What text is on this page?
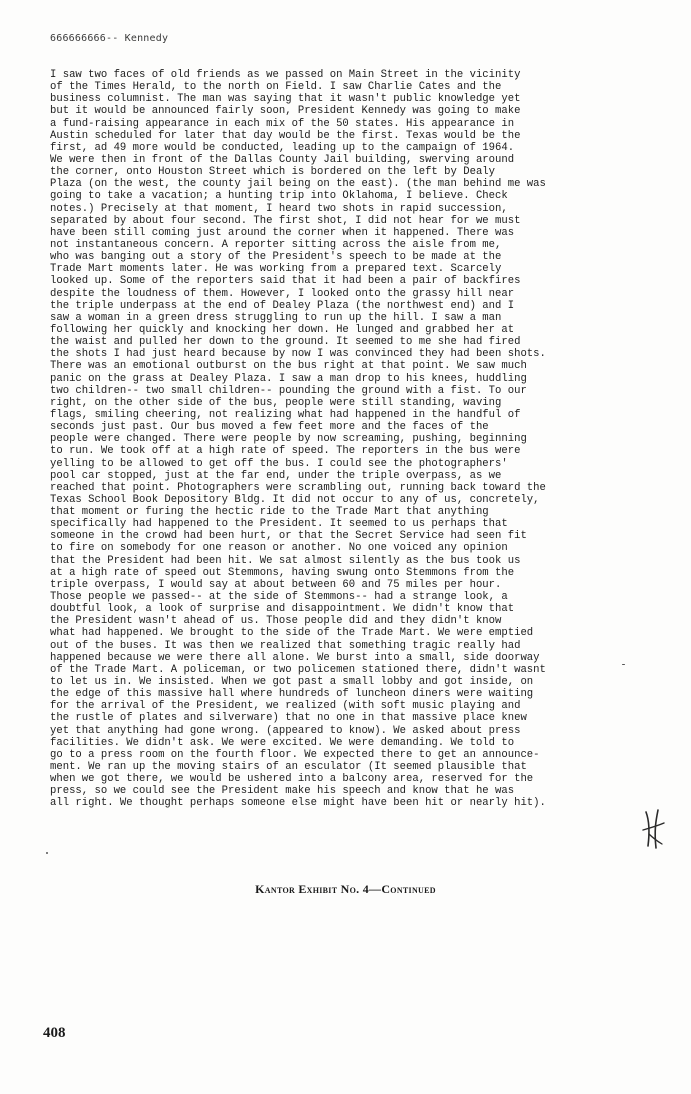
666666666-- Kennedy
I saw two faces of old friends as we passed on Main Street in the vicinity
of the Times Herald, to the north on Field. I saw Charlie Cates and the
business columnist. The man was saying that it wasn't public knowledge yet
but it would be announced fairly soon, President Kennedy was going to make
a fund-raising appearance in each mix of the 50 states. His appearance in
Austin scheduled for later that day would be the first. Texas would be the
first, ad 49 more would be conducted, leading up to the campaign of 1964.
We were then in front of the Dallas County Jail building, swerving around
the corner, onto Houston Street which is bordered on the left by Dealy
Plaza (on the west, the county jail being on the east). (the man behind me was
going to take a vacation; a hunting trip into Oklahoma, I believe. Check
notes.) Precisely at that moment, I heard two shots in rapid succession,
separated by about four second. The first shot, I did not hear for we must
have been still coming just around the corner when it happened. There was
not instantaneous concern. A reporter sitting across the aisle from me,
who was banging out a story of the President's speech to be made at the
Trade Mart moments later. He was working from a prepared text. Scarcely
looked up. Some of the reporters said that it had been a pair of backfires
despite the loudness of them. However, I looked onto the grassy hill near
the triple underpass at the end of Dealey Plaza (the northwest end) and I
saw a woman in a green dress struggling to run up the hill. I saw a man
following her quickly and knocking her down. He lunged and grabbed her at
the waist and pulled her down to the ground. It seemed to me she had fired
the shots I had just heard because by now I was convinced they had been shots.
There was an emotional outburst on the bus right at that point. We saw much
panic on the grass at Dealey Plaza. I saw a man drop to his knees, huddling
two children-- two small children-- pounding the ground with a fist. To our
right, on the other side of the bus, people were still standing, waving
flags, smiling cheering, not realizing what had happened in the handful of
seconds just past. Our bus moved a few feet more and the faces of the
people were changed. There were people by now screaming, pushing, beginning
to run. We took off at a high rate of speed. The reporters in the bus were
yelling to be allowed to get off the bus. I could see the photographers'
pool car stopped, just at the far end, under the triple overpass, as we
reached that point. Photographers were scrambling out, running back toward the
Texas School Book Depository Bldg. It did not occur to any of us, concretely,
that moment or furing the hectic ride to the Trade Mart that anything
specifically had happened to the President. It seemed to us perhaps that
someone in the crowd had been hurt, or that the Secret Service had seen fit
to fire on somebody for one reason or another. No one voiced any opinion
that the President had been hit. We sat almost silently as the bus took us
at a high rate of speed out Stemmons, having swung onto Stemmons from the
triple overpass, I would say at about between 60 and 75 miles per hour.
Those people we passed-- at the side of Stemmons-- had a strange look, a
doubtful look, a look of surprise and disappointment. We didn't know that
the President wasn't ahead of us. Those people did and they didn't know
what had happened. We brought to the side of the Trade Mart. We were emptied
out of the buses. It was then we realized that something tragic really had
happened because we were there all alone. We burst into a small, side doorway
of the Trade Mart. A policeman, or two policemen stationed there, didn't wasnt
to let us in. We insisted. When we got past a small lobby and got inside, on
the edge of this massive hall where hundreds of luncheon diners were waiting
for the arrival of the President, we realized (with soft music playing and
the rustle of plates and silverware) that no one in that massive place knew
yet that anything had gone wrong. (appeared to know). We asked about press
facilities. We didn't ask. We were excited. We were demanding. We told to
go to a press room on the fourth floor. We expected there to get an announce-
ment. We ran up the moving stairs of an esculator (It seemed plausible that
when we got there, we would be ushered into a balcony area, reserved for the
press, so we could see the President make his speech and know that he was
all right. We thought perhaps someone else might have been hit or nearly hit).
Kantor Exhibit No. 4—Continued
408
